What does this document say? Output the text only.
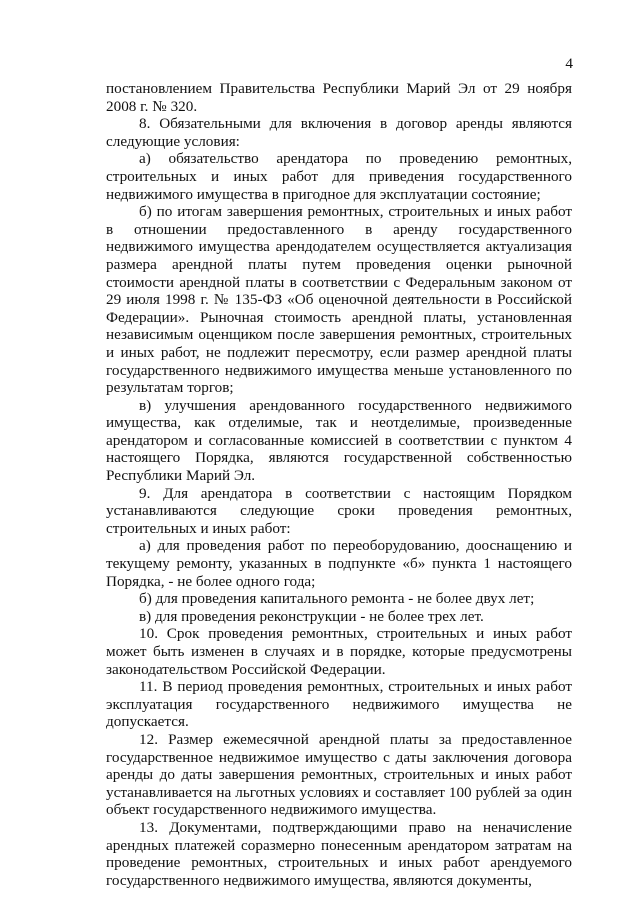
4

постановлением Правительства Республики Марий Эл от 29 ноября 2008 г. № 320.

8. Обязательными для включения в договор аренды являются следующие условия:

а) обязательство арендатора по проведению ремонтных, строительных и иных работ для приведения государственного недвижимого имущества в пригодное для эксплуатации состояние;

б) по итогам завершения ремонтных, строительных и иных работ в отношении предоставленного в аренду государственного недвижимого имущества арендодателем осуществляется актуализация размера арендной платы путем проведения оценки рыночной стоимости арендной платы в соответствии с Федеральным законом от 29 июля 1998 г. № 135-ФЗ «Об оценочной деятельности в Российской Федерации». Рыночная стоимость арендной платы, установленная независимым оценщиком после завершения ремонтных, строительных и иных работ, не подлежит пересмотру, если размер арендной платы государственного недвижимого имущества меньше установленного по результатам торгов;

в) улучшения арендованного государственного недвижимого имущества, как отделимые, так и неотделимые, произведенные арендатором и согласованные комиссией в соответствии с пунктом 4 настоящего Порядка, являются государственной собственностью Республики Марий Эл.

9. Для арендатора в соответствии с настоящим Порядком устанавливаются следующие сроки проведения ремонтных, строительных и иных работ:

а) для проведения работ по переоборудованию, дооснащению и текущему ремонту, указанных в подпункте «б» пункта 1 настоящего Порядка, - не более одного года;

б) для проведения капитального ремонта - не более двух лет;

в) для проведения реконструкции - не более трех лет.

10. Срок проведения ремонтных, строительных и иных работ может быть изменен в случаях и в порядке, которые предусмотрены законодательством Российской Федерации.

11. В период проведения ремонтных, строительных и иных работ эксплуатация государственного недвижимого имущества не допускается.

12. Размер ежемесячной арендной платы за предоставленное государственное недвижимое имущество с даты заключения договора аренды до даты завершения ремонтных, строительных и иных работ устанавливается на льготных условиях и составляет 100 рублей за один объект государственного недвижимого имущества.

13. Документами, подтверждающими право на неначисление арендных платежей соразмерно понесенным арендатором затратам на проведение ремонтных, строительных и иных работ арендуемого государственного недвижимого имущества, являются документы,
